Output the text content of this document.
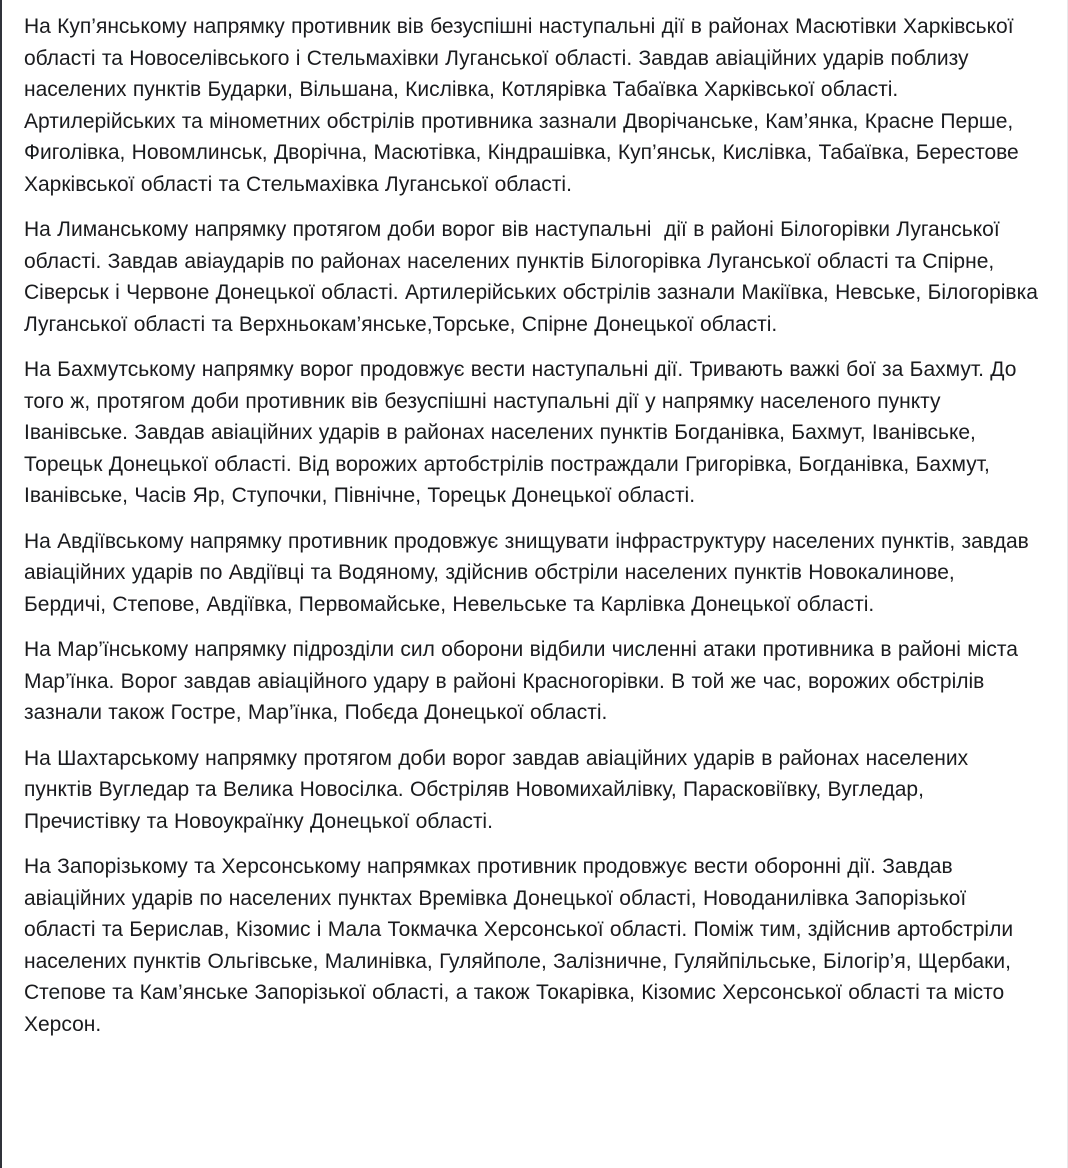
На Куп’янському напрямку противник вів безуспішні наступальні дії в районах Масютівки Харківської області та Новоселівського і Стельмахівки Луганської області. Завдав авіаційних ударів поблизу населених пунктів Бударки, Вільшана, Кислівка, Котлярівка Табаївка Харківської області. Артилерійських та мінометних обстрілів противника зазнали Дворічанське, Кам’янка, Красне Перше, Фиголівка, Новомлинськ, Дворічна, Масютівка, Кіндрашівка, Куп’янськ, Кислівка, Табаївка, Берестове Харківської області та Стельмахівка Луганської області.

На Лиманському напрямку протягом доби ворог вів наступальні  дії в районі Білогорівки Луганської області. Завдав авіаударів по районах населених пунктів Білогорівка Луганської області та Спірне, Сіверськ і Червоне Донецької області. Артилерійських обстрілів зазнали Макіївка, Невське, Білогорівка Луганської області та Верхньокам’янське,Торське, Спірне Донецької області.

На Бахмутському напрямку ворог продовжує вести наступальні дії. Тривають важкі бої за Бахмут. До того ж, протягом доби противник вів безуспішні наступальні дії у напрямку населеного пункту Іванівське. Завдав авіаційних ударів в районах населених пунктів Богданівка, Бахмут, Іванівське, Торецьк Донецької області. Від ворожих артобстрілів постраждали Григорівка, Богданівка, Бахмут, Іванівське, Часів Яр, Ступочки, Північне, Торецьк Донецької області.

На Авдіївському напрямку противник продовжує знищувати інфраструктуру населених пунктів, завдав авіаційних ударів по Авдіївці та Водяному, здійснив обстріли населених пунктів Новокалинове, Бердичі, Степове, Авдіївка, Первомайське, Невельське та Карлівка Донецької області.

На Мар’їнському напрямку підрозділи сил оборони відбили численні атаки противника в районі міста Мар’їнка. Ворог завдав авіаційного удару в районі Красногорівки. В той же час, ворожих обстрілів зазнали також Гостре, Мар’їнка, Побєда Донецької області.

На Шахтарському напрямку протягом доби ворог завдав авіаційних ударів в районах населених пунктів Вугледар та Велика Новосілка. Обстріляв Новомихайлівку, Парасковіївку, Вугледар, Пречистівку та Новоукраїнку Донецької області.

На Запорізькому та Херсонському напрямках противник продовжує вести оборонні дії. Завдав авіаційних ударів по населених пунктах Времівка Донецької області, Новоданилівка Запорізької області та Берислав, Кізомис і Мала Токмачка Херсонської області. Поміж тим, здійснив артобстріли населених пунктів Ольгівське, Малинівка, Гуляйполе, Залізничне, Гуляйпільське, Білогір’я, Щербаки, Степове та Кам’янське Запорізької області, а також Токарівка, Кізомис Херсонської області та місто Херсон.
